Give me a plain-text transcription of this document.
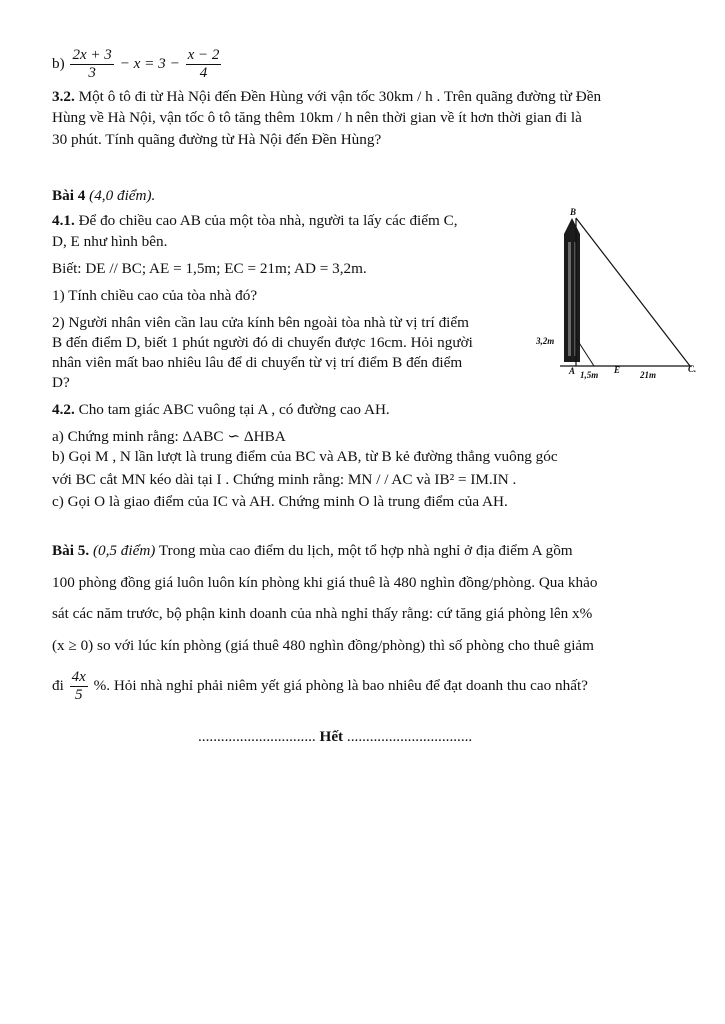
$b) \frac{2x + 3}{3} - x = 3 - \frac{x - 2}{4}$
3.2. Một ô tô đi từ Hà Nội đến Đền Hùng với vận tốc 30km / h . Trên quãng đường từ Đền
Hùng về Hà Nội, vận tốc ô tô tăng thêm 10km / h nên thời gian về ít hơn thời gian đi là
30 phút. Tính quãng đường từ Hà Nội đến Đền Hùng?
Bài 4 (4,0 điểm).
4.1. Để đo chiều cao AB của một tòa nhà, người ta lấy các điểm C,
D, E như hình bên.
Biết: DE // BC; AE = 1,5m; EC = 21m; AD = 3,2m.
1) Tính chiều cao của tòa nhà đó?
2) Người nhân viên cần lau cửa kính bên ngoài tòa nhà từ vị trí điểm
B đến điểm D, biết 1 phút người đó di chuyển được 16cm. Hỏi người
nhân viên mất bao nhiêu lâu để di chuyển từ vị trí điểm B đến điểm
D?
B
3,2m
A 1,5m E 21m
C.
4.2. Cho tam giác ABC vuông tại A , có đường cao AH.
a) Chứng minh rằng: ΔABC ∽ ΔHBA
b) Gọi M , N lần lượt là trung điểm của BC và AB, từ B kẻ đường thẳng vuông góc
với BC cắt MN kéo dài tại I . Chứng minh rằng: MN / / AC và IB² = IM.IN .
c) Gọi O là giao điểm của IC và AH. Chứng minh O là trung điểm của AH.
Bài 5. (0,5 điểm) Trong mùa cao điểm du lịch, một tổ hợp nhà nghỉ ở địa điểm A gồm
100 phòng đồng giá luôn luôn kín phòng khi giá thuê là 480 nghìn đồng/phòng. Qua khảo
sát các năm trước, bộ phận kinh doanh của nhà nghỉ thấy rằng: cứ tăng giá phòng lên x%
(x ≥ 0) so với lúc kín phòng (giá thuê 480 nghìn đồng/phòng) thì số phòng cho thuê giảm
đi $\frac{4x}{5}$ %. Hỏi nhà nghỉ phải niêm yết giá phòng là bao nhiêu để đạt doanh thu cao nhất?
............................... Hết .................................
